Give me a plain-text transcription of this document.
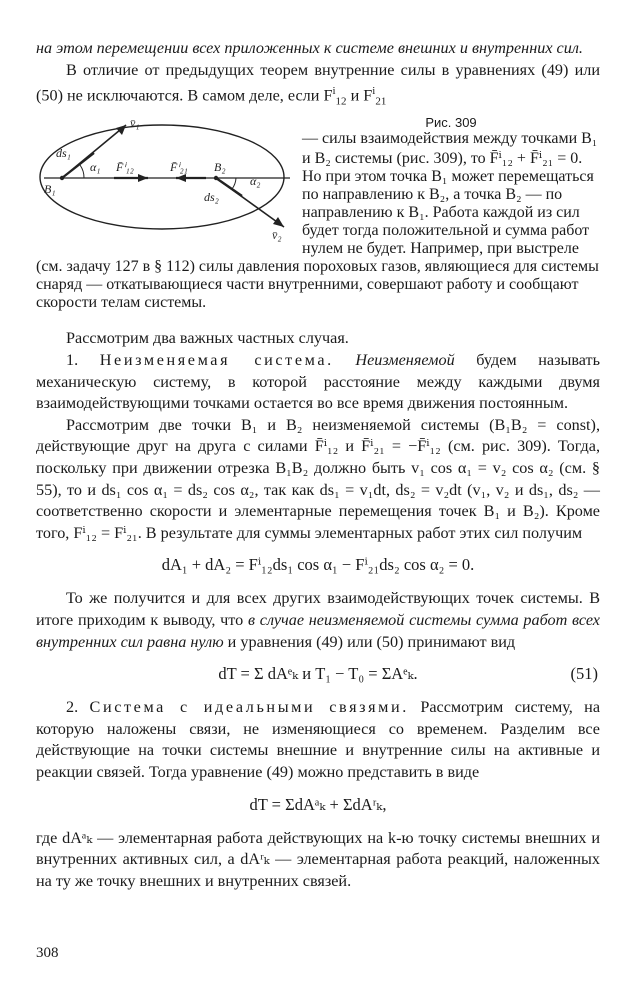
на этом перемещении всех приложенных к системе внешних и внутренних сил.

В отличие от предыдущих теорем внутренние силы в уравнениях (49) или (50) не исключаются. В самом деле, если $F^i_{12}$ и $F^i_{21}$
v̄₁
ds₁
α₁ F̄ⁱ₁₂	F̄ⁱ₂₁
B₁
B₂
ds₂
α₂
v̄₂

Рис. 309
— силы взаимодействия между точками B₁ и B₂ системы (рис. 309), то F̄ⁱ₁₂ + F̄ⁱ₂₁ = 0. Но при этом точка B₁ может перемещаться по направлению к B₂, а точка B₂ — по направлению к B₁. Работа каждой из сил будет тогда положительной и сумма работ нулем не будет. Например, при выстреле (см. задачу 127 в § 112) силы давления пороховых газов, являющиеся для системы снаряд — откатывающиеся части внутренними, совершают работу и сообщают скорости телам системы.

Рассмотрим два важных частных случая.

1. Неизменяемая система. Неизменяемой будем называть механическую систему, в которой расстояние между каждыми двумя взаимодействующими точками остается во все время движения постоянным.

Рассмотрим две точки B₁ и B₂ неизменяемой системы (B₁B₂ = const), действующие друг на друга с силами F̄ⁱ₁₂ и F̄ⁱ₂₁ = −F̄ⁱ₁₂ (см. рис. 309). Тогда, поскольку при движении отрезка B₁B₂ должно быть v₁ cos α₁ = v₂ cos α₂ (см. § 55), то и ds₁ cos α₁ = ds₂ cos α₂, так как ds₁ = v₁dt, ds₂ = v₂dt (v₁, v₂ и ds₁, ds₂ — соответственно скорости и элементарные перемещения точек B₁ и B₂). Кроме того, Fⁱ₁₂ = Fⁱ₂₁. В результате для суммы элементарных работ этих сил получим

dA₁ + dA₂ = Fⁱ₁₂ds₁ cos α₁ − Fⁱ₂₁ds₂ cos α₂ = 0.

То же получится и для всех других взаимодействующих точек системы. В итоге приходим к выводу, что в случае неизменяемой системы сумма работ всех внутренних сил равна нулю и уравнения (49) или (50) принимают вид

dT = Σ dAᵉₖ и T₁ − T₀ = ΣAᵉₖ.	(51)

2. Система с идеальными связями. Рассмотрим систему, на которую наложены связи, не изменяющиеся со временем. Разделим все действующие на точки системы внешние и внутренние силы на активные и реакции связей. Тогда уравнение (49) можно представить в виде

dT = ΣdAᵃₖ + ΣdAʳₖ,

где dAᵃₖ — элементарная работа действующих на k-ю точку системы внешних и внутренних активных сил, а dAʳₖ — элементарная работа реакций, наложенных на ту же точку внешних и внутренних связей.

308
